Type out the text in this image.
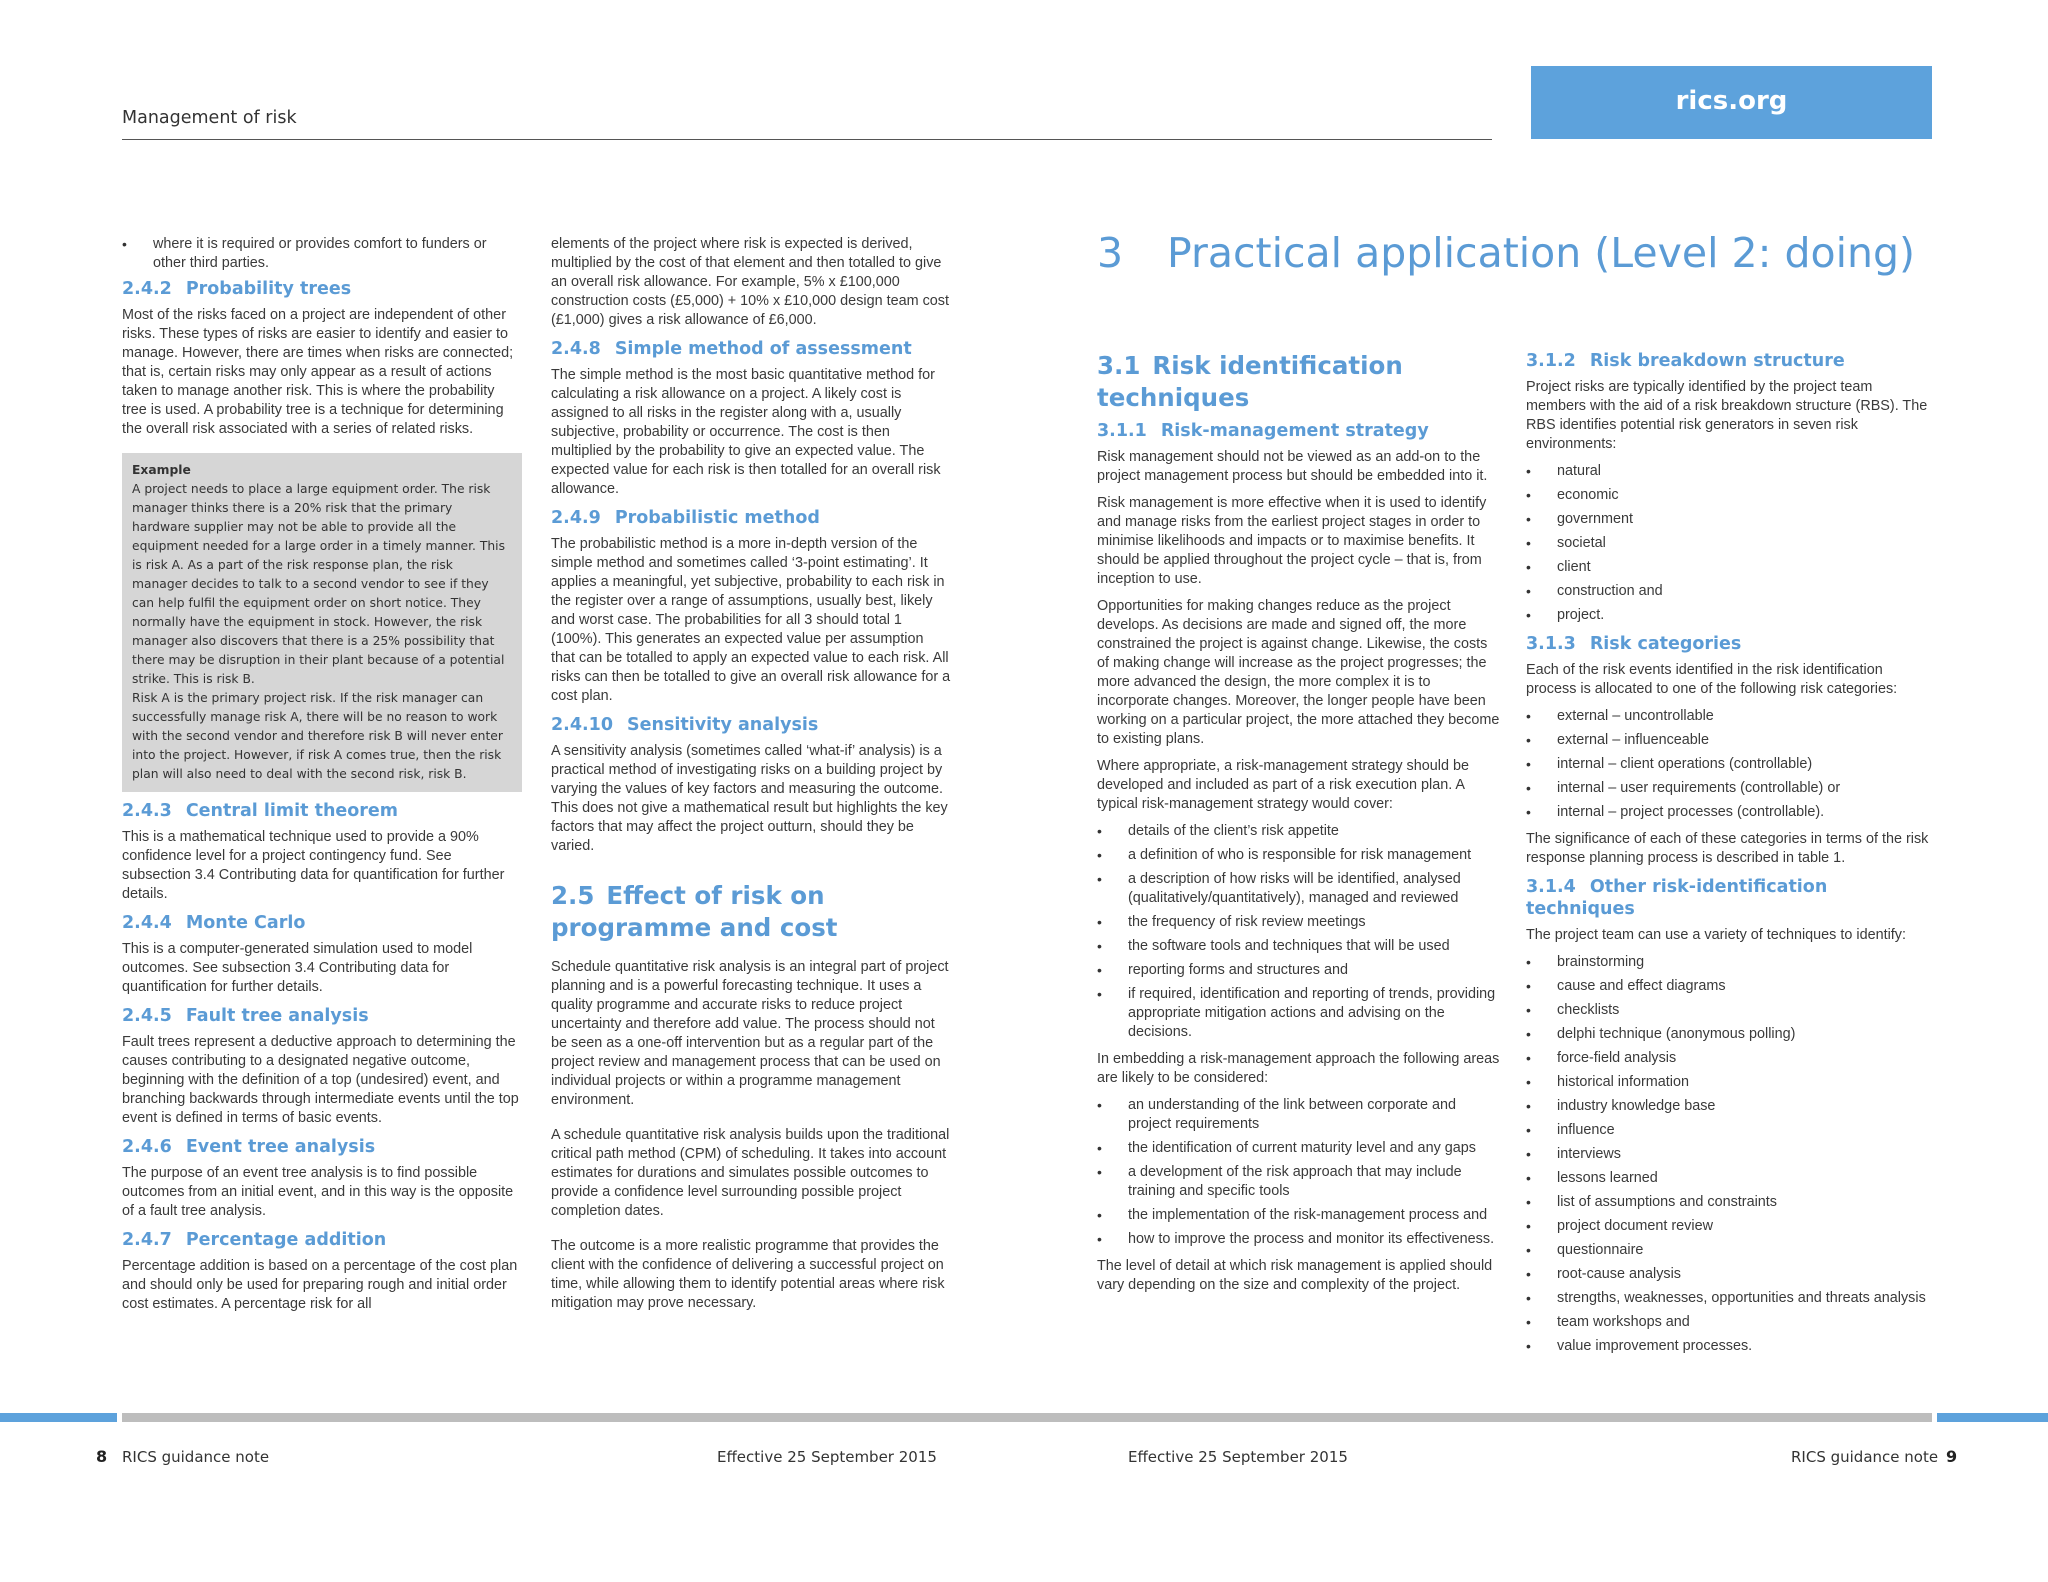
Management of risk
rics.org
• where it is required or provides comfort to funders or other third parties.
2.4.2 Probability trees

Most of the risks faced on a project are independent of other risks. These types of risks are easier to identify and easier to manage. However, there are times when risks are connected; that is, certain risks may only appear as a result of actions taken to manage another risk. This is where the probability tree is used. A probability tree is a technique for determining the overall risk associated with a series of related risks.

Example
A project needs to place a large equipment order. The risk manager thinks there is a 20% risk that the primary hardware supplier may not be able to provide all the equipment needed for a large order in a timely manner. This is risk A. As a part of the risk response plan, the risk manager decides to talk to a second vendor to see if they can help fulfil the equipment order on short notice. They normally have the equipment in stock. However, the risk manager also discovers that there is a 25% possibility that there may be disruption in their plant because of a potential strike. This is risk B.
Risk A is the primary project risk. If the risk manager can successfully manage risk A, there will be no reason to work with the second vendor and therefore risk B will never enter into the project. However, if risk A comes true, then the risk plan will also need to deal with the second risk, risk B.
2.4.3 Central limit theorem

This is a mathematical technique used to provide a 90% confidence level for a project contingency fund. See subsection 3.4 Contributing data for quantification for further details.

2.4.4 Monte Carlo

This is a computer-generated simulation used to model outcomes. See subsection 3.4 Contributing data for quantification for further details.

2.4.5 Fault tree analysis

Fault trees represent a deductive approach to determining the causes contributing to a designated negative outcome, beginning with the definition of a top (undesired) event, and branching backwards through intermediate events until the top event is defined in terms of basic events.

2.4.6 Event tree analysis

The purpose of an event tree analysis is to find possible outcomes from an initial event, and in this way is the opposite of a fault tree analysis.

2.4.7 Percentage addition

Percentage addition is based on a percentage of the cost plan and should only be used for preparing rough and initial order cost estimates. A percentage risk for all

elements of the project where risk is expected is derived, multiplied by the cost of that element and then totalled to give an overall risk allowance. For example, 5% x £100,000 construction costs (£5,000) + 10% x £10,000 design team cost (£1,000) gives a risk allowance of £6,000.

2.4.8 Simple method of assessment

The simple method is the most basic quantitative method for calculating a risk allowance on a project. A likely cost is assigned to all risks in the register along with a, usually subjective, probability or occurrence. The cost is then multiplied by the probability to give an expected value. The expected value for each risk is then totalled for an overall risk allowance.

2.4.9 Probabilistic method

The probabilistic method is a more in-depth version of the simple method and sometimes called ‘3-point estimating’. It applies a meaningful, yet subjective, probability to each risk in the register over a range of assumptions, usually best, likely and worst case. The probabilities for all 3 should total 1 (100%). This generates an expected value per assumption that can be totalled to apply an expected value to each risk. All risks can then be totalled to give an overall risk allowance for a cost plan.

2.4.10 Sensitivity analysis

A sensitivity analysis (sometimes called ‘what-if’ analysis) is a practical method of investigating risks on a building project by varying the values of key factors and measuring the outcome. This does not give a mathematical result but highlights the key factors that may affect the project outturn, should they be varied.

2.5 Effect of risk on programme and cost

Schedule quantitative risk analysis is an integral part of project planning and is a powerful forecasting technique. It uses a quality programme and accurate risks to reduce project uncertainty and therefore add value. The process should not be seen as a one-off intervention but as a regular part of the project review and management process that can be used on individual projects or within a programme management environment.

A schedule quantitative risk analysis builds upon the traditional critical path method (CPM) of scheduling. It takes into account estimates for durations and simulates possible outcomes to provide a confidence level surrounding possible project completion dates.

The outcome is a more realistic programme that provides the client with the confidence of delivering a successful project on time, while allowing them to identify potential areas where risk mitigation may prove necessary.

3 Practical application (Level 2: doing)
3.1 Risk identification techniques
3.1.1 Risk-management strategy

Risk management should not be viewed as an add-on to the project management process but should be embedded into it.

Risk management is more effective when it is used to identify and manage risks from the earliest project stages in order to minimise likelihoods and impacts or to maximise benefits. It should be applied throughout the project cycle – that is, from inception to use.

Opportunities for making changes reduce as the project develops. As decisions are made and signed off, the more constrained the project is against change. Likewise, the costs of making change will increase as the project progresses; the more advanced the design, the more complex it is to incorporate changes. Moreover, the longer people have been working on a particular project, the more attached they become to existing plans.

Where appropriate, a risk-management strategy should be developed and included as part of a risk execution plan. A typical risk-management strategy would cover:

• details of the client’s risk appetite
• a definition of who is responsible for risk management
• a description of how risks will be identified, analysed (qualitatively/quantitatively), managed and reviewed
• the frequency of risk review meetings
• the software tools and techniques that will be used
• reporting forms and structures and
• if required, identification and reporting of trends, providing appropriate mitigation actions and advising on the decisions.

In embedding a risk-management approach the following areas are likely to be considered:

• an understanding of the link between corporate and project requirements
• the identification of current maturity level and any gaps
• a development of the risk approach that may include training and specific tools
• the implementation of the risk-management process and
• how to improve the process and monitor its effectiveness.

The level of detail at which risk management is applied should vary depending on the size and complexity of the project.

3.1.2 Risk breakdown structure

Project risks are typically identified by the project team members with the aid of a risk breakdown structure (RBS). The RBS identifies potential risk generators in seven risk environments:

• natural
• economic
• government
• societal
• client
• construction and
• project.
3.1.3 Risk categories

Each of the risk events identified in the risk identification process is allocated to one of the following risk categories:

• external – uncontrollable
• external – influenceable
• internal – client operations (controllable)
• internal – user requirements (controllable) or
• internal – project processes (controllable).

The significance of each of these categories in terms of the risk response planning process is described in table 1.

3.1.4 Other risk-identification techniques

The project team can use a variety of techniques to identify:

• brainstorming
• cause and effect diagrams
• checklists
• delphi technique (anonymous polling)
• force-field analysis
• historical information
• industry knowledge base
• influence
• interviews
• lessons learned
• list of assumptions and constraints
• project document review
• questionnaire
• root-cause analysis
• strengths, weaknesses, opportunities and threats analysis
• team workshops and
• value improvement processes.
8 RICS guidance note	Effective 25 September 2015	Effective 25 September 2015	RICS guidance note 9
